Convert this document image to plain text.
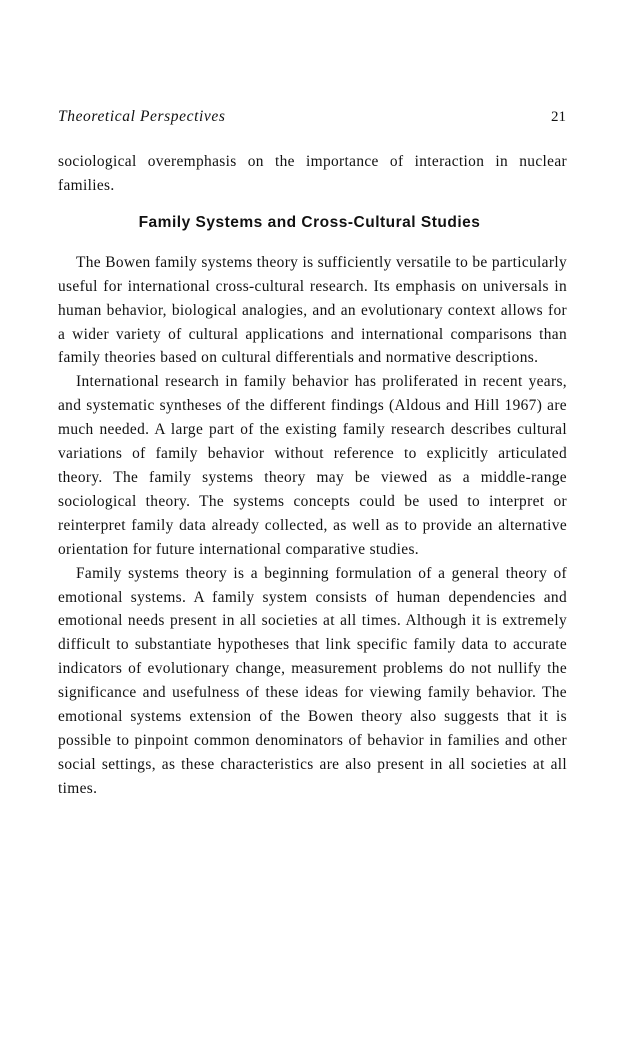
Theoretical Perspectives	21

sociological overemphasis on the importance of interaction in nuclear families.

Family Systems and Cross-Cultural Studies

The Bowen family systems theory is sufficiently versatile to be particularly useful for international cross-cultural research. Its emphasis on universals in human behavior, biological analogies, and an evolutionary context allows for a wider variety of cultural applications and international comparisons than family theories based on cultural differentials and normative descriptions.

International research in family behavior has proliferated in recent years, and systematic syntheses of the different findings (Aldous and Hill 1967) are much needed. A large part of the existing family research describes cultural variations of family behavior without reference to explicitly articulated theory. The family systems theory may be viewed as a middle-range sociological theory. The systems concepts could be used to interpret or reinterpret family data already collected, as well as to provide an alternative orientation for future international comparative studies.

Family systems theory is a beginning formulation of a general theory of emotional systems. A family system consists of human dependencies and emotional needs present in all societies at all times. Although it is extremely difficult to substantiate hypotheses that link specific family data to accurate indicators of evolutionary change, measurement problems do not nullify the significance and usefulness of these ideas for viewing family behavior. The emotional systems extension of the Bowen theory also suggests that it is possible to pinpoint common denominators of behavior in families and other social settings, as these characteristics are also present in all societies at all times.
